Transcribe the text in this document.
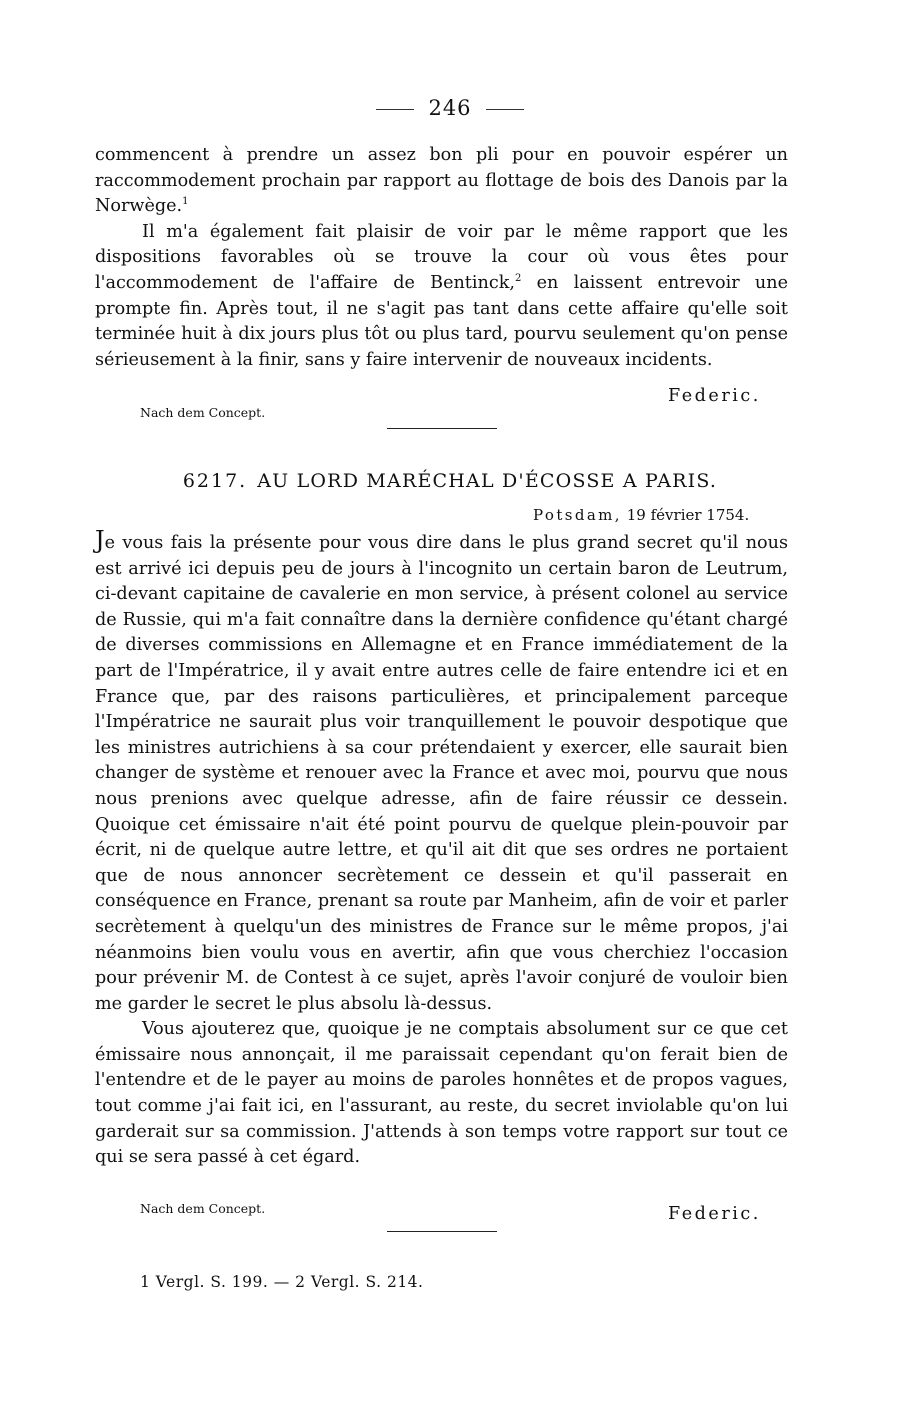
246

commencent à prendre un assez bon pli pour en pouvoir espérer un raccommodement prochain par rapport au flottage de bois des Danois par la Norwège.$^1$

Il m'a également fait plaisir de voir par le même rapport que les dispositions favorables où se trouve la cour où vous êtes pour l'accommodement de l'affaire de Bentinck,$^2$ en laissent entrevoir une prompte fin. Après tout, il ne s'agit pas tant dans cette affaire qu'elle soit terminée huit à dix jours plus tôt ou plus tard, pourvu seulement qu'on pense sérieusement à la finir, sans y faire intervenir de nouveaux incidents.

Federic.
Nach dem Concept.
6217. AU LORD MARÉCHAL D'ÉCOSSE A PARIS.
Potsdam, 19 février 1754.

Je vous fais la présente pour vous dire dans le plus grand secret qu'il nous est arrivé ici depuis peu de jours à l'incognito un certain baron de Leutrum, ci-devant capitaine de cavalerie en mon service, à présent colonel au service de Russie, qui m'a fait connaître dans la dernière confidence qu'étant chargé de diverses commissions en Allemagne et en France immédiatement de la part de l'Impératrice, il y avait entre autres celle de faire entendre ici et en France que, par des raisons particulières, et principalement parceque l'Impératrice ne saurait plus voir tranquillement le pouvoir despotique que les ministres autrichiens à sa cour prétendaient y exercer, elle saurait bien changer de système et renouer avec la France et avec moi, pourvu que nous nous prenions avec quelque adresse, afin de faire réussir ce dessein. Quoique cet émissaire n'ait été point pourvu de quelque plein-pouvoir par écrit, ni de quelque autre lettre, et qu'il ait dit que ses ordres ne portaient que de nous annoncer secrètement ce dessein et qu'il passerait en conséquence en France, prenant sa route par Manheim, afin de voir et parler secrètement à quelqu'un des ministres de France sur le même propos, j'ai néanmoins bien voulu vous en avertir, afin que vous cherchiez l'occasion pour prévenir M. de Contest à ce sujet, après l'avoir conjuré de vouloir bien me garder le secret le plus absolu là-dessus.

Vous ajouterez que, quoique je ne comptais absolument sur ce que cet émissaire nous annonçait, il me paraissait cependant qu'on ferait bien de l'entendre et de le payer au moins de paroles honnêtes et de propos vagues, tout comme j'ai fait ici, en l'assurant, au reste, du secret inviolable qu'on lui garderait sur sa commission. J'attends à son temps votre rapport sur tout ce qui se sera passé à cet égard.

Nach dem Concept.	Federic.
1 Vergl. S. 199. — 2 Vergl. S. 214.
